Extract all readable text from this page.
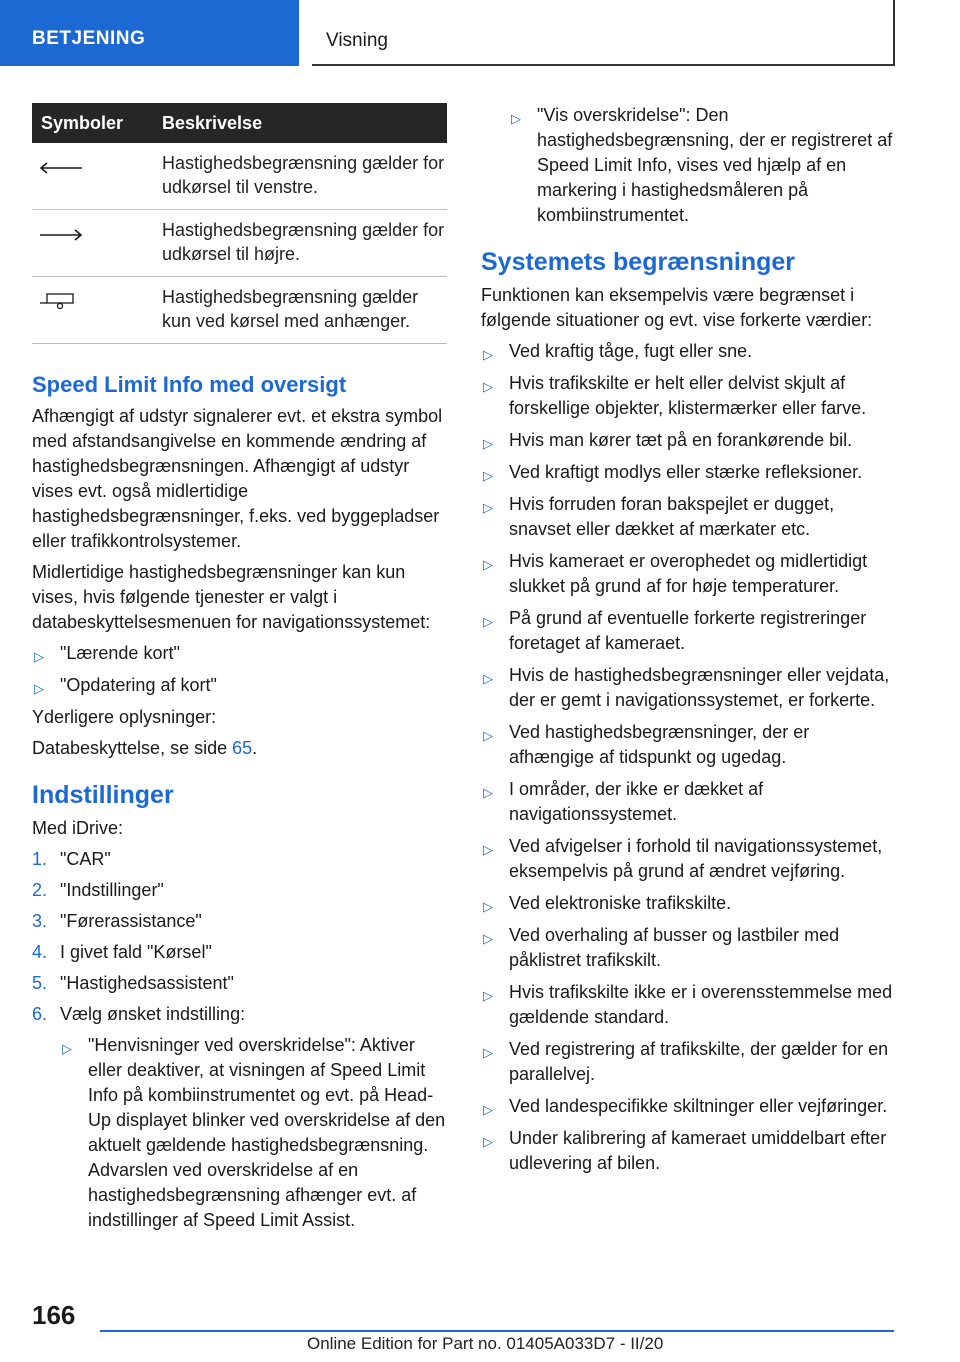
BETJENING	Visning
Symboler	Beskrivelse
	Hastighedsbegrænsning gælder for udkørsel til venstre.
	Hastighedsbegrænsning gælder for udkørsel til højre.
	Hastighedsbegrænsning gælder kun ved kørsel med anhænger.
Speed Limit Info med oversigt

Afhængigt af udstyr signalerer evt. et ekstra symbol med afstandsangivelse en kommende ændring af hastighedsbegrænsningen. Afhængigt af udstyr vises evt. også midlertidige hastighedsbegrænsninger, f.eks. ved byggepladser eller trafikkontrolsystemer.

Midlertidige hastighedsbegrænsninger kan kun vises, hvis følgende tjenester er valgt i databeskyttelsesmenuen for navigationssystemet:

▷ "Lærende kort"
▷ "Opdatering af kort"

Yderligere oplysninger:

Databeskyttelse, se side 65.

Indstillinger

Med iDrive:

1. "CAR"
2. "Indstillinger"
3. "Førerassistance"
4. I givet fald "Kørsel"
5. "Hastighedsassistent"
6. Vælg ønsket indstilling:
▷ "Henvisninger ved overskridelse": Aktiver eller deaktiver, at visningen af Speed Limit Info på kombiinstrumentet og evt. på Head-Up displayet blinker ved overskridelse af den aktuelt gældende hastighedsbegrænsning. Advarslen ved overskridelse af en hastighedsbegrænsning afhænger evt. af indstillinger af Speed Limit Assist.
▷ "Vis overskridelse": Den hastighedsbegrænsning, der er registreret af Speed Limit Info, vises ved hjælp af en markering i hastighedsmåleren på kombiinstrumentet.
Systemets begrænsninger

Funktionen kan eksempelvis være begrænset i følgende situationer og evt. vise forkerte værdier:

▷ Ved kraftig tåge, fugt eller sne.
▷ Hvis trafikskilte er helt eller delvist skjult af forskellige objekter, klistermærker eller farve.
▷ Hvis man kører tæt på en forankørende bil.
▷ Ved kraftigt modlys eller stærke refleksioner.
▷ Hvis forruden foran bakspejlet er dugget, snavset eller dækket af mærkater etc.
▷ Hvis kameraet er overophedet og midlertidigt slukket på grund af for høje temperaturer.
▷ På grund af eventuelle forkerte registreringer foretaget af kameraet.
▷ Hvis de hastighedsbegrænsninger eller vejdata, der er gemt i navigationssystemet, er forkerte.
▷ Ved hastighedsbegrænsninger, der er afhængige af tidspunkt og ugedag.
▷ I områder, der ikke er dækket af navigationssystemet.
▷ Ved afvigelser i forhold til navigationssystemet, eksempelvis på grund af ændret vejføring.
▷ Ved elektroniske trafikskilte.
▷ Ved overhaling af busser og lastbiler med påklistret trafikskilt.
▷ Hvis trafikskilte ikke er i overensstemmelse med gældende standard.
▷ Ved registrering af trafikskilte, der gælder for en parallelvej.
▷ Ved landespecifikke skiltninger eller vejføringer.
▷ Under kalibrering af kameraet umiddelbart efter udlevering af bilen.
166
Online Edition for Part no. 01405A033D7 - II/20
